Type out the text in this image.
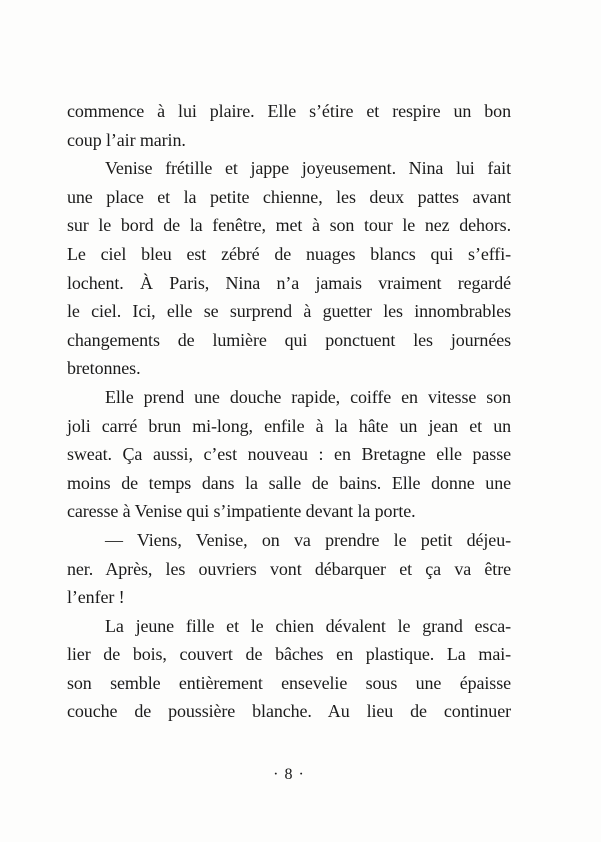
commence à lui plaire. Elle s’étire et respire un bon
coup l’air marin.
Venise frétille et jappe joyeusement. Nina lui fait
une place et la petite chienne, les deux pattes avant
sur le bord de la fenêtre, met à son tour le nez dehors.
Le ciel bleu est zébré de nuages blancs qui s’effi-
lochent. À Paris, Nina n’a jamais vraiment regardé
le ciel. Ici, elle se surprend à guetter les innombrables
changements de lumière qui ponctuent les journées
bretonnes.
Elle prend une douche rapide, coiffe en vitesse son
joli carré brun mi-long, enfile à la hâte un jean et un
sweat. Ça aussi, c’est nouveau : en Bretagne elle passe
moins de temps dans la salle de bains. Elle donne une
caresse à Venise qui s’impatiente devant la porte.
— Viens, Venise, on va prendre le petit déjeu-
ner. Après, les ouvriers vont débarquer et ça va être
l’enfer !
La jeune fille et le chien dévalent le grand esca-
lier de bois, couvert de bâches en plastique. La mai-
son semble entièrement ensevelie sous une épaisse
couche de poussière blanche. Au lieu de continuer
· 8 ·
